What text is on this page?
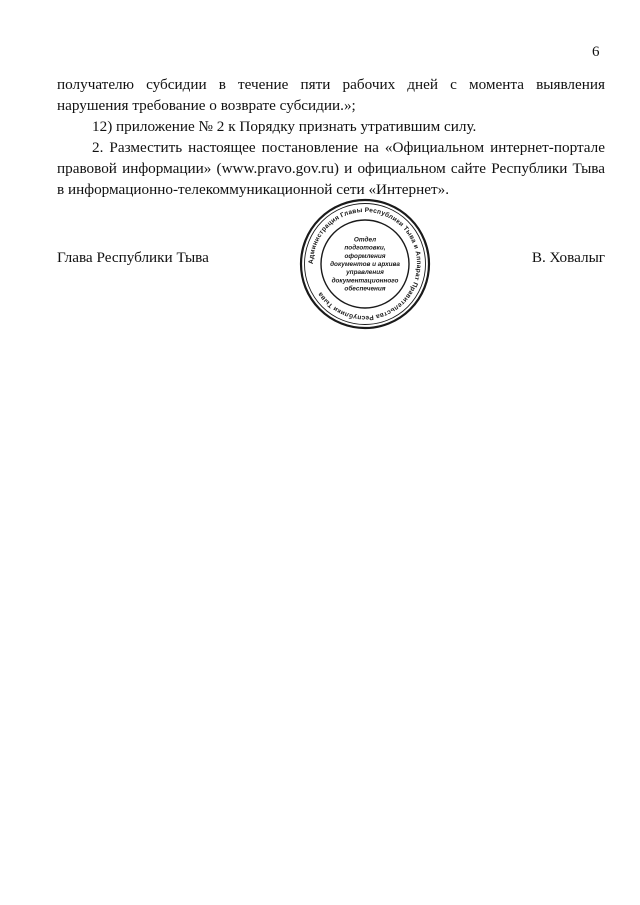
6

получателю субсидии в течение пяти рабочих дней с момента выявления нарушения требование о возврате субсидии.»;

12) приложение № 2 к Порядку признать утратившим силу.

2. Разместить настоящее постановление на «Официальном интернет-портале правовой информации» (www.pravo.gov.ru) и официальном сайте Республики Тыва в информационно-телекоммуникационной сети «Интернет».

Глава Республики Тыва	В. Ховалыг
Администрация Главы Республики Тыва и Аппарат Правительства Республики Тыва
Отдел
подготовки,
оформления
документов и архива
управления
документационного
обеспечения
